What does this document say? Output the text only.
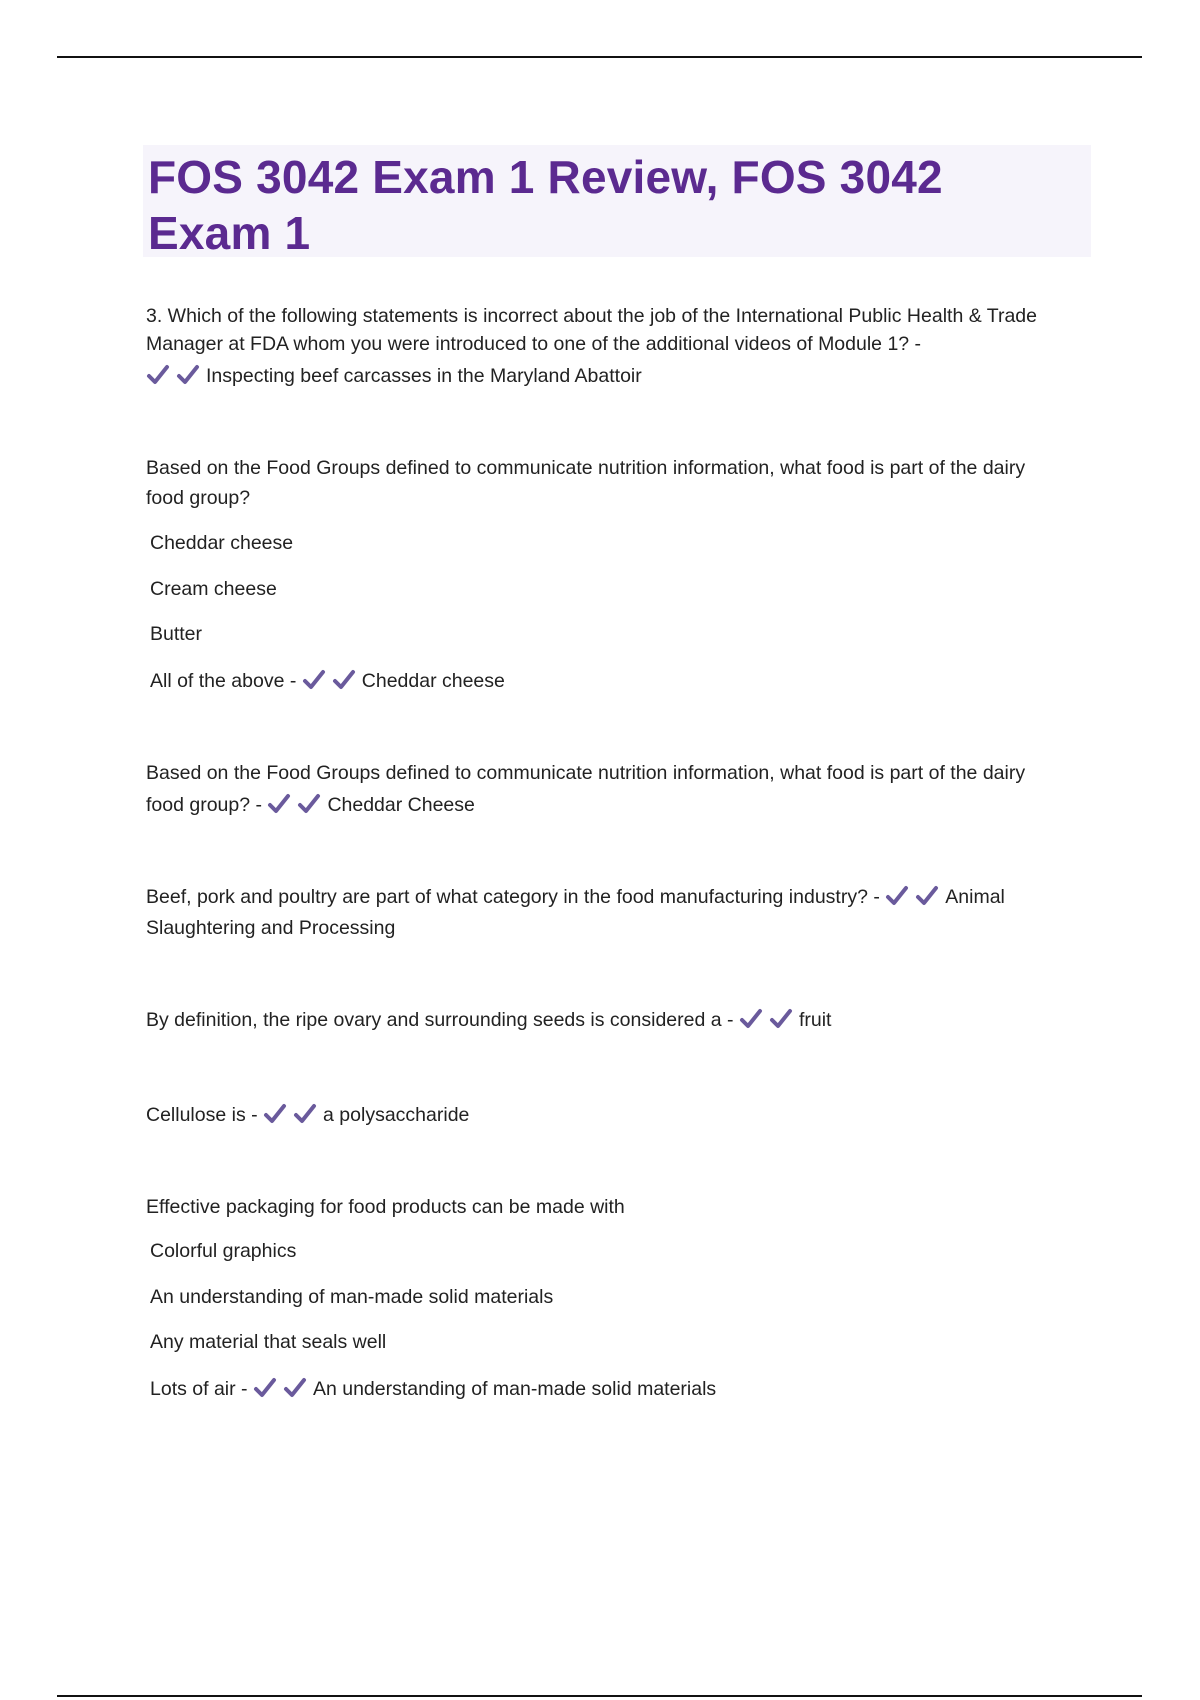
FOS 3042 Exam 1 Review, FOS 3042
Exam 1
3. Which of the following statements is incorrect about the job of the International Public Health & Trade
Manager at FDA whom you were introduced to one of the additional videos of Module 1? -
Inspecting beef carcasses in the Maryland Abattoir
Based on the Food Groups defined to communicate nutrition information, what food is part of the dairy
food group?
Cheddar cheese
Cream cheese
Butter
All of the above -	Cheddar cheese
Based on the Food Groups defined to communicate nutrition information, what food is part of the dairy
food group? -	Cheddar Cheese
Beef, pork and poultry are part of what category in the food manufacturing industry? -	Animal
Slaughtering and Processing
By definition, the ripe ovary and surrounding seeds is considered a -	fruit
Cellulose is -	a polysaccharide
Effective packaging for food products can be made with
Colorful graphics
An understanding of man-made solid materials
Any material that seals well
Lots of air -	An understanding of man-made solid materials
